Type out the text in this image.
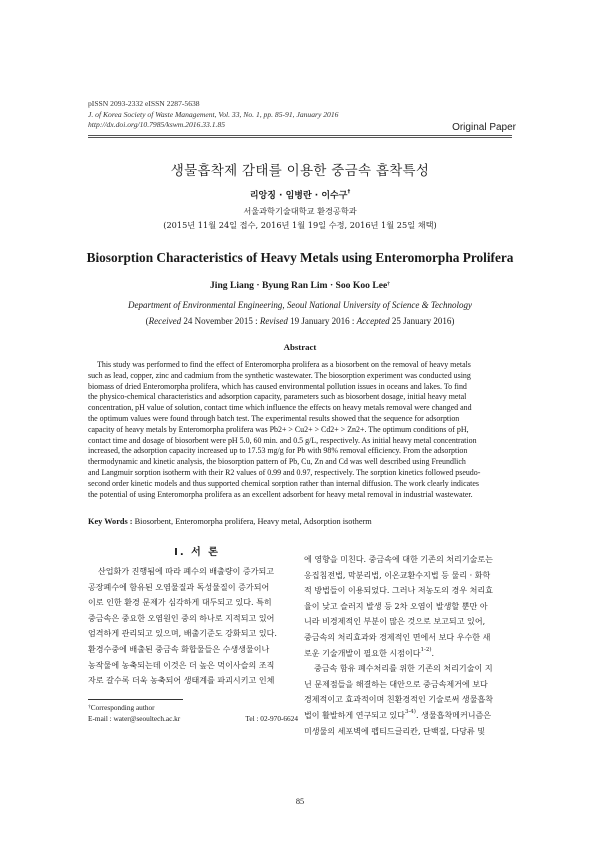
pISSN 2093-2332 eISSN 2287-5638
J. of Korea Society of Waste Management, Vol. 33, No. 1, pp. 85-91, January 2016
http://dx.doi.org/10.7985/kswm.2016.33.1.85	Original Paper
생물흡착제 감태를 이용한 중금속 흡착특성
리앙징 · 임병란 · 이수구†
서울과학기술대학교 환경공학과
(2015년 11월 24일 접수, 2016년 1월 19일 수정, 2016년 1월 25일 채택)
Biosorption Characteristics of Heavy Metals using Enteromorpha Prolifera
Jing Liang · Byung Ran Lim · Soo Koo Lee†
Department of Environmental Engineering, Seoul National University of Science & Technology
(Received 24 November 2015 : Revised 19 January 2016 : Accepted 25 January 2016)
Abstract
This study was performed to find the effect of Enteromorpha prolifera as a biosorbent on the removal of heavy metals
such as lead, copper, zinc and cadmium from the synthetic wastewater. The biosorption experiment was conducted using
biomass of dried Enteromorpha prolifera, which has caused environmental pollution issues in oceans and lakes. To find
the physico-chemical characteristics and adsorption capacity, parameters such as biosorbent dosage, initial heavy metal
concentration, pH value of solution, contact time which influence the effects on heavy metals removal were changed and
the optimum values were found through batch test. The experimental results showed that the sequence for adsorption
capacity of heavy metals by Enteromorpha prolifera was Pb2+ > Cu2+ > Cd2+ > Zn2+. The optimum conditions of pH,
contact time and dosage of biosorbent were pH 5.0, 60 min. and 0.5 g/L, respectively. As initial heavy metal concentration
increased, the adsorption capacity increased up to 17.53 mg/g for Pb with 98% removal efficiency. From the adsorption
thermodynamic and kinetic analysis, the biosorption pattern of Pb, Cu, Zn and Cd was well described using Freundlich
and Langmuir sorption isotherm with their R2 values of 0.99 and 0.97, respectively. The sorption kinetics followed pseudo-
second order kinetic models and thus supported chemical sorption rather than internal diffusion. The work clearly indicates
the potential of using Enteromorpha prolifera as an excellent adsorbent for heavy metal removal in industrial wastewater.
Key Words : Biosorbent, Enteromorpha prolifera, Heavy metal, Adsorption isotherm
I. 서 론
산업화가 진행됨에 따라 폐수의 배출량이 증가되고
공장폐수에 함유된 오염물질과 독성물질이 증가되어
이로 인한 환경 문제가 심각하게 대두되고 있다. 특히
중금속은 중요한 오염원인 중의 하나로 지적되고 있어
엄격하게 관리되고 있으며, 배출기준도 강화되고 있다.
환경수중에 배출된 중금속 화합물들은 수생생물이나
농작물에 농축되는데 이것은 더 높은 먹이사슬의 조직
자로 갈수록 더욱 농축되어 생태계를 파괴시키고 인체
에 영향을 미친다. 중금속에 대한 기존의 처리기술로는
응집침전법, 막분리법, 이온교환수지법 등 물리 · 화학
적 방법들이 이용되었다. 그러나 저농도의 경우 처리효
율이 낮고 슬러지 발생 등 2차 오염이 발생할 뿐만 아
니라 비경제적인 부분이 많은 것으로 보고되고 있어,
중금속의 처리효과와 경제적인 면에서 보다 우수한 새
로운 기술개발이 필요한 시점이다$^{1-2)}$.
중금속 함유 폐수처리를 위한 기존의 처리기술이 지
닌 문제점들을 해결하는 대안으로 중금속제거에 보다
경제적이고 효과적이며 친환경적인 기술로써 생물흡착
법이 활발하게 연구되고 있다$^{3-4)}$. 생물흡착메커니즘은
미생물의 세포벽에 펩티드글리칸, 단백질, 다당류 및
†Corresponding author
E-mail : water@seoultech.ac.kr	Tel : 02-970-6624
85
